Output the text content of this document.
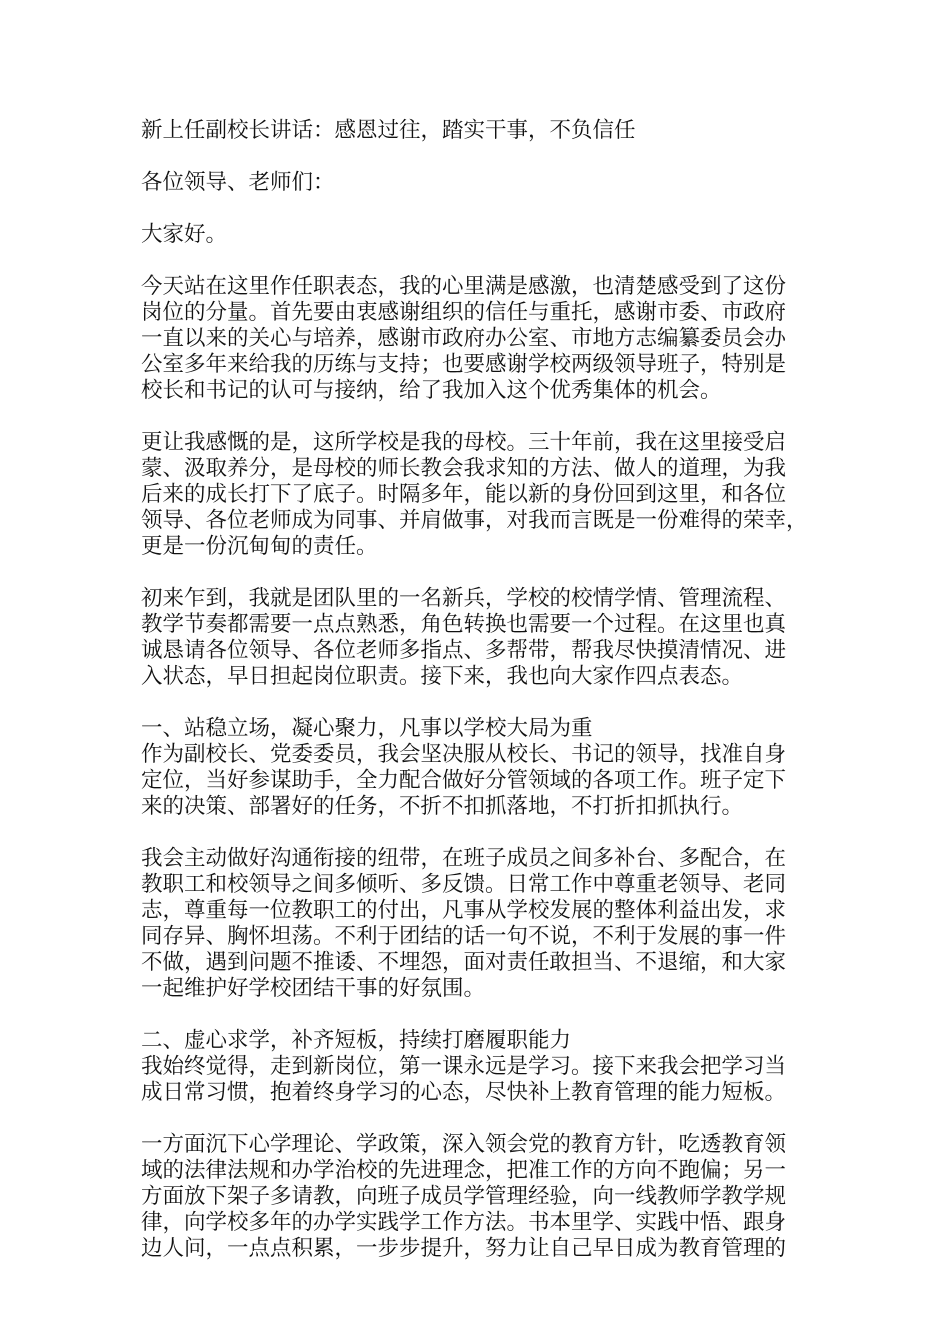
新上任副校长讲话：感恩过往，踏实干事，不负信任

各位领导、老师们：

大家好。

今天站在这里作任职表态，我的心里满是感激，也清楚感受到了这份
岗位的分量。首先要由衷感谢组织的信任与重托，感谢市委、市政府
一直以来的关心与培养，感谢市政府办公室、市地方志编纂委员会办
公室多年来给我的历练与支持；也要感谢学校两级领导班子，特别是
校长和书记的认可与接纳，给了我加入这个优秀集体的机会。

更让我感慨的是，这所学校是我的母校。三十年前，我在这里接受启
蒙、汲取养分，是母校的师长教会我求知的方法、做人的道理，为我
后来的成长打下了底子。时隔多年，能以新的身份回到这里，和各位
领导、各位老师成为同事、并肩做事，对我而言既是一份难得的荣幸，
更是一份沉甸甸的责任。

初来乍到，我就是团队里的一名新兵，学校的校情学情、管理流程、
教学节奏都需要一点点熟悉，角色转换也需要一个过程。在这里也真
诚恳请各位领导、各位老师多指点、多帮带，帮我尽快摸清情况、进
入状态，早日担起岗位职责。接下来，我也向大家作四点表态。

一、站稳立场，凝心聚力，凡事以学校大局为重
作为副校长、党委委员，我会坚决服从校长、书记的领导，找准自身
定位，当好参谋助手，全力配合做好分管领域的各项工作。班子定下
来的决策、部署好的任务，不折不扣抓落地，不打折扣抓执行。

我会主动做好沟通衔接的纽带，在班子成员之间多补台、多配合，在
教职工和校领导之间多倾听、多反馈。日常工作中尊重老领导、老同
志，尊重每一位教职工的付出，凡事从学校发展的整体利益出发，求
同存异、胸怀坦荡。不利于团结的话一句不说，不利于发展的事一件
不做，遇到问题不推诿、不埋怨，面对责任敢担当、不退缩，和大家
一起维护好学校团结干事的好氛围。

二、虚心求学，补齐短板，持续打磨履职能力
我始终觉得，走到新岗位，第一课永远是学习。接下来我会把学习当
成日常习惯，抱着终身学习的心态，尽快补上教育管理的能力短板。

一方面沉下心学理论、学政策，深入领会党的教育方针，吃透教育领
域的法律法规和办学治校的先进理念，把准工作的方向不跑偏；另一
方面放下架子多请教，向班子成员学管理经验，向一线教师学教学规
律，向学校多年的办学实践学工作方法。书本里学、实践中悟、跟身
边人问，一点点积累，一步步提升，努力让自己早日成为教育管理的
